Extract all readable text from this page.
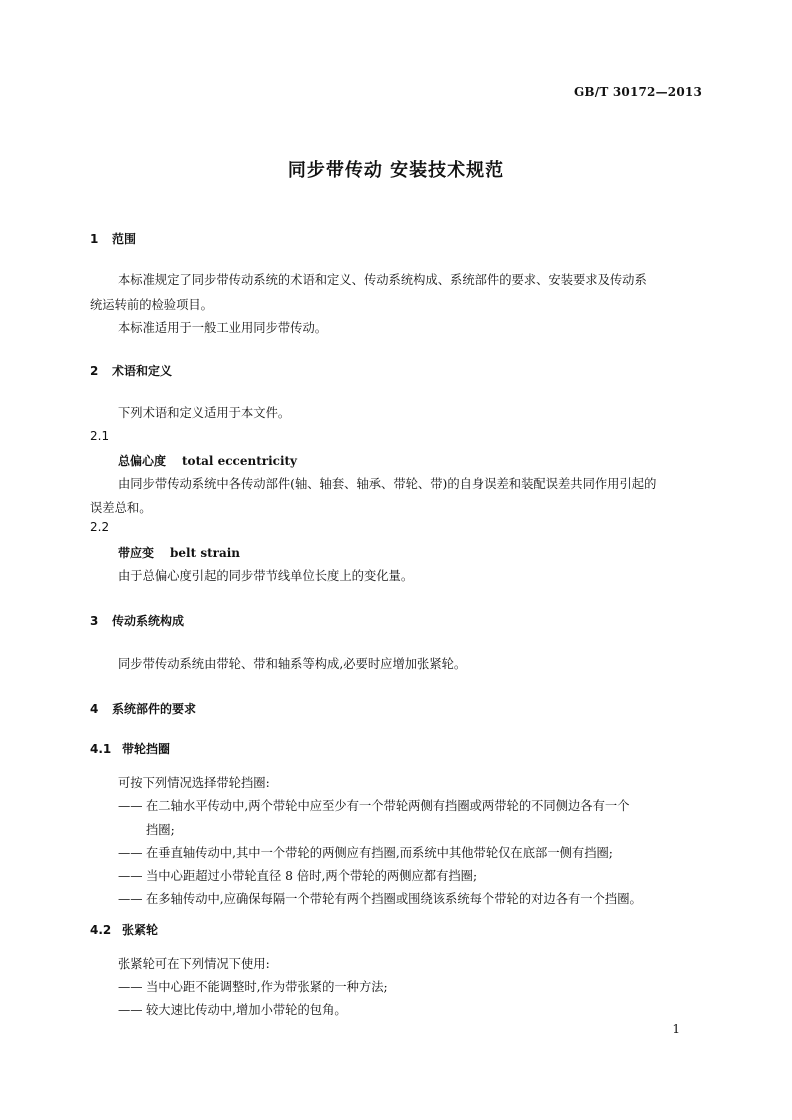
GB/T 30172—2013
同步带传动 安装技术规范
1 范围
本标准规定了同步带传动系统的术语和定义、传动系统构成、系统部件的要求、安装要求及传动系
统运转前的检验项目。
本标准适用于一般工业用同步带传动。
2 术语和定义
下列术语和定义适用于本文件。
2.1
总偏心度 total eccentricity
由同步带传动系统中各传动部件(轴、轴套、轴承、带轮、带)的自身误差和装配误差共同作用引起的
误差总和。
2.2
带应变 belt strain
由于总偏心度引起的同步带节线单位长度上的变化量。
3 传动系统构成
同步带传动系统由带轮、带和轴系等构成,必要时应增加张紧轮。
4 系统部件的要求
4.1 带轮挡圈
可按下列情况选择带轮挡圈:
—— 在二轴水平传动中,两个带轮中应至少有一个带轮两侧有挡圈或两带轮的不同侧边各有一个
挡圈;
—— 在垂直轴传动中,其中一个带轮的两侧应有挡圈,而系统中其他带轮仅在底部一侧有挡圈;
—— 当中心距超过小带轮直径 8 倍时,两个带轮的两侧应都有挡圈;
—— 在多轴传动中,应确保每隔一个带轮有两个挡圈或围绕该系统每个带轮的对边各有一个挡圈。
4.2 张紧轮
张紧轮可在下列情况下使用:
—— 当中心距不能调整时,作为带张紧的一种方法;
—— 较大速比传动中,增加小带轮的包角。
1
